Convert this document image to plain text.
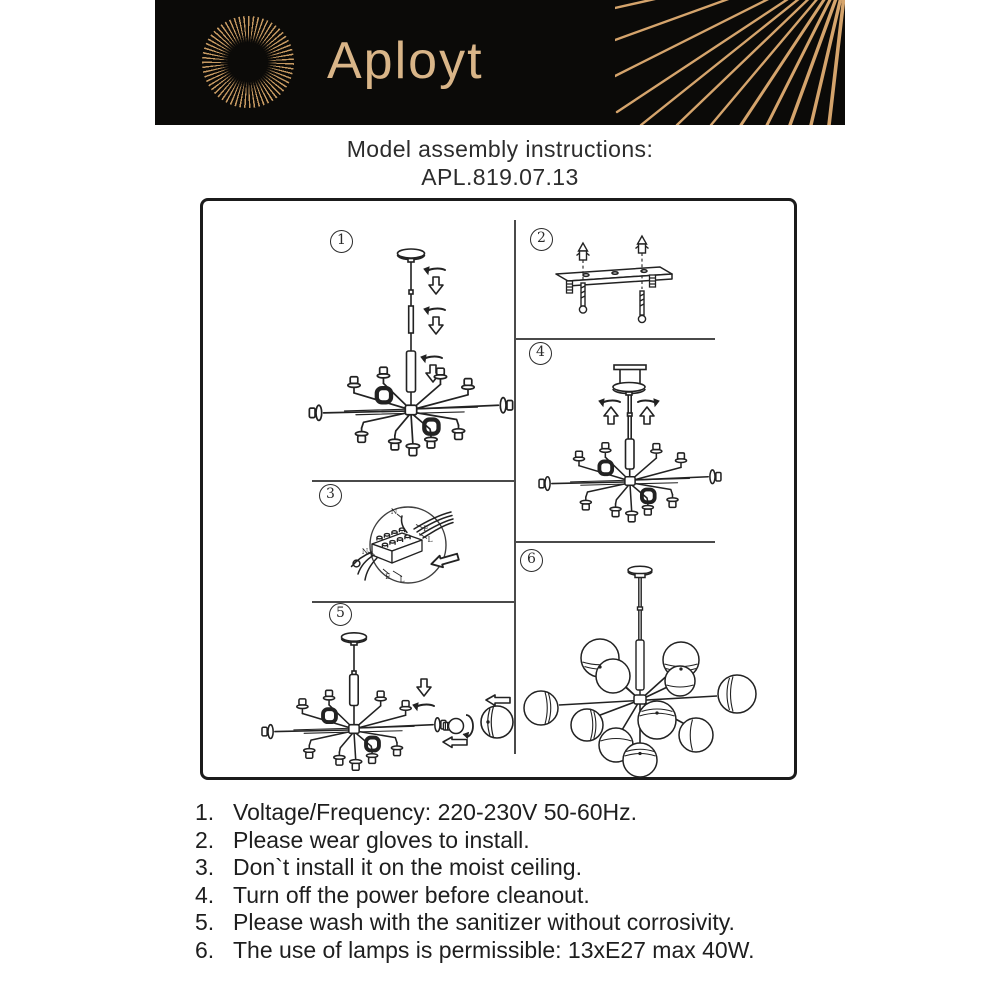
Aployt
Model assembly instructions:
APL.819.07.13
1	2
3
4
5
6
N
E
L
N
E L
1. Voltage/Frequency: 220-230V 50-60Hz.
2. Please wear gloves to install.
3. Don`t install it on the moist ceiling.
4. Turn off the power before cleanout.
5. Please wash with the sanitizer without corrosivity.
6. The use of lamps is permissible: 13xE27 max 40W.
